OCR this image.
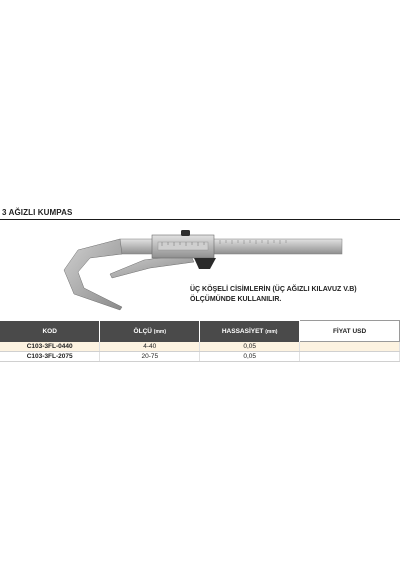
3 AĞIZLI KUMPAS
ÜÇ KÖŞELİ CİSİMLERİN (ÜÇ AĞIZLI KILAVUZ V.B)
ÖLÇÜMÜNDE KULLANILIR.
KOD	ÖLÇÜ (mm)	HASSASİYET (mm)	FİYAT USD
C103-3FL-0440	4-40	0,05	
C103-3FL-2075	20-75	0,05	
